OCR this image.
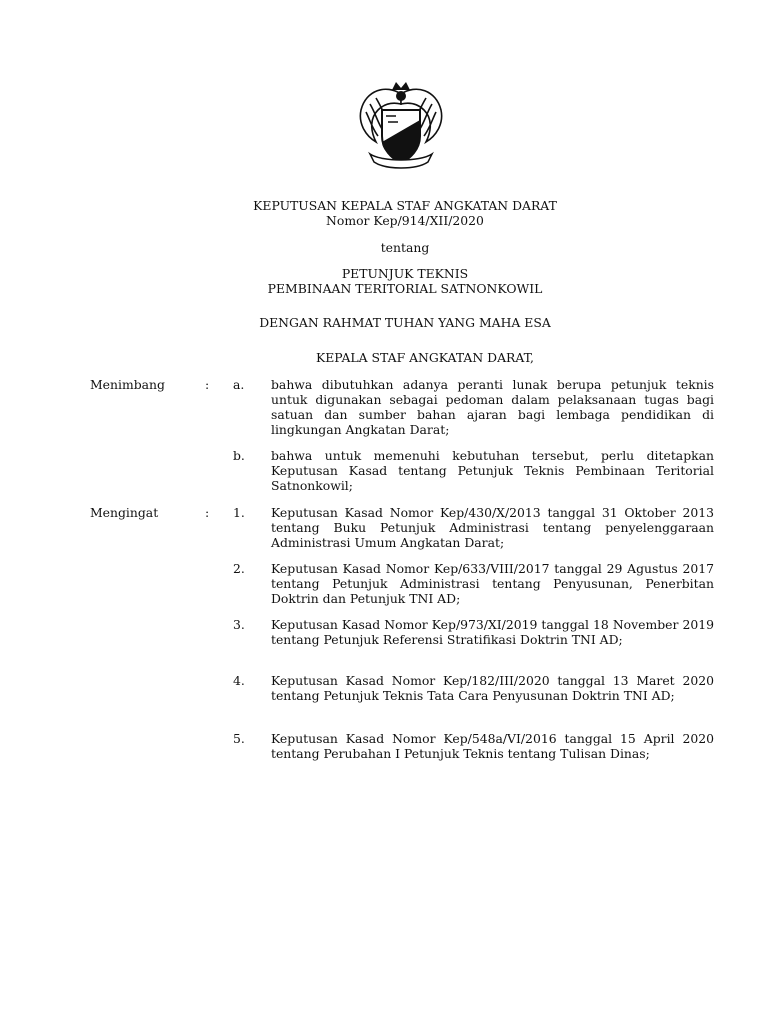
KEPUTUSAN KEPALA STAF ANGKATAN DARAT
Nomor Kep/914/XII/2020
tentang
PETUNJUK TEKNIS
PEMBINAAN TERITORIAL SATNONKOWIL
DENGAN RAHMAT TUHAN YANG MAHA ESA
KEPALA STAF ANGKATAN DARAT,
Menimbang	: a. bahwa dibutuhkan adanya peranti lunak berupa petunjuk teknis untuk digunakan sebagai pedoman dalam pelaksanaan tugas bagi satuan dan sumber bahan ajaran bagi lembaga pendidikan di lingkungan Angkatan Darat;
b. bahwa untuk memenuhi kebutuhan tersebut, perlu ditetapkan Keputusan Kasad tentang Petunjuk Teknis Pembinaan Teritorial Satnonkowil;
Mengingat	: 1. Keputusan Kasad Nomor Kep/430/X/2013 tanggal 31 Oktober 2013 tentang Buku Petunjuk Administrasi tentang penyelenggaraan Administrasi Umum Angkatan Darat;
2. Keputusan Kasad Nomor Kep/633/VIII/2017 tanggal 29 Agustus 2017 tentang Petunjuk Administrasi tentang Penyusunan, Penerbitan Doktrin dan Petunjuk TNI AD;
3. Keputusan Kasad Nomor Kep/973/XI/2019 tanggal 18 November 2019 tentang Petunjuk Referensi Stratifikasi Doktrin TNI AD;
4. Keputusan Kasad Nomor Kep/182/III/2020 tanggal 13 Maret 2020 tentang Petunjuk Teknis Tata Cara Penyusunan Doktrin TNI AD;
5. Keputusan Kasad Nomor Kep/548a/VI/2016 tanggal 15 April 2020 tentang Perubahan I Petunjuk Teknis tentang Tulisan Dinas;
